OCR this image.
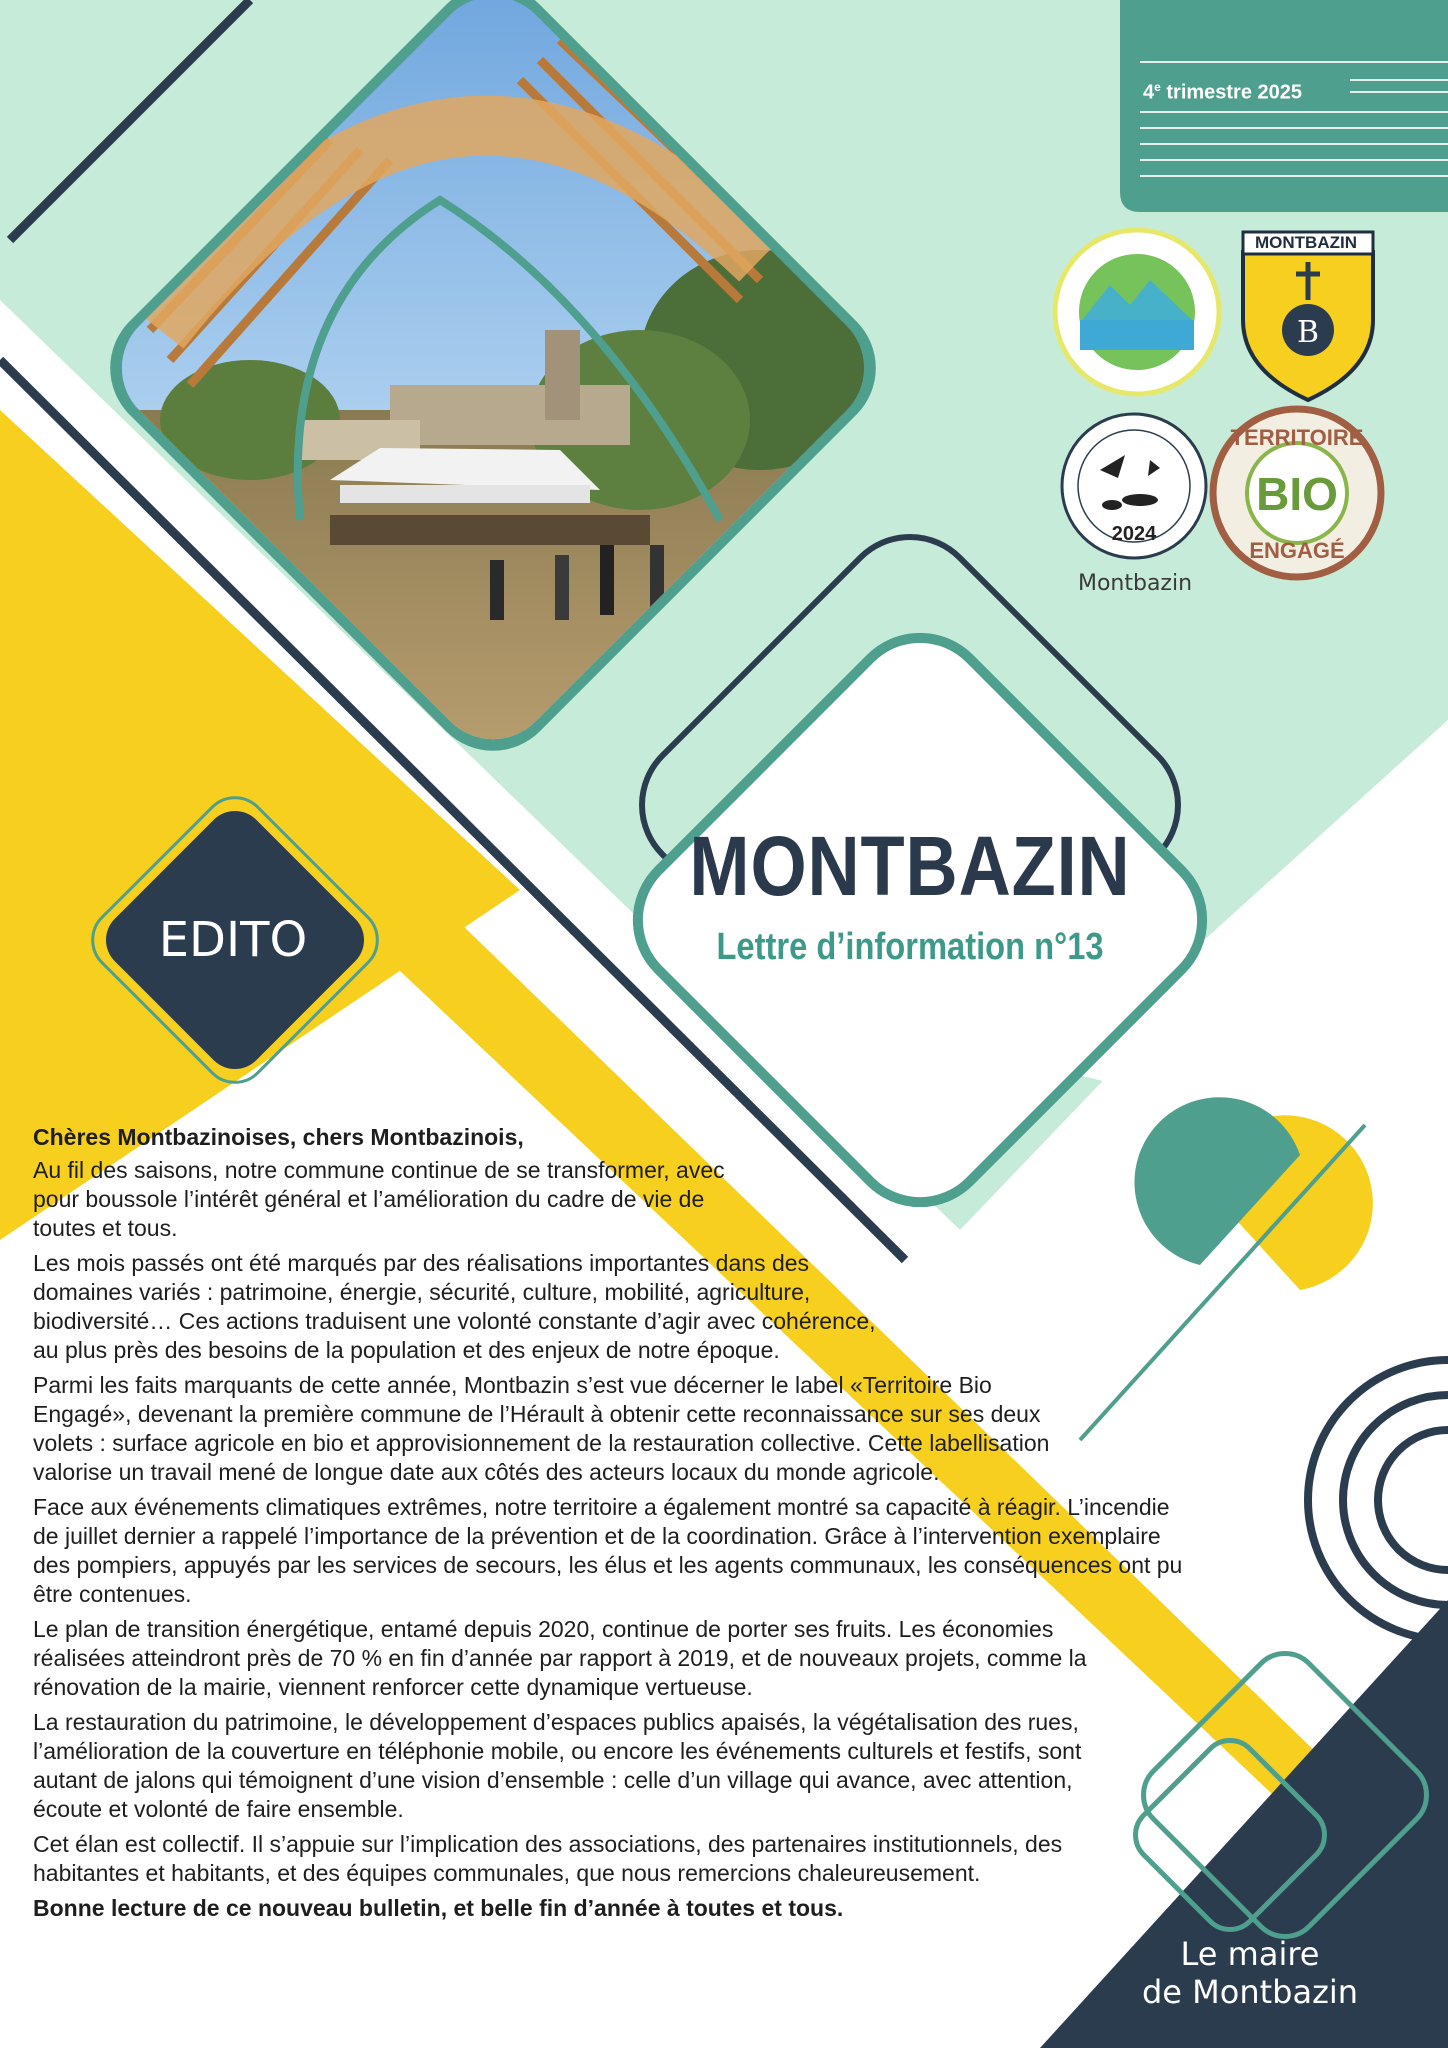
B
2024
BIO
TERRITOIRE
ENGAGÉ
4e trimestre 2025
MONTBAZIN
Montbazin
MONTBAZIN
Lettre d’information n°13
EDITO

Chères Montbazinoises, chers Montbazinois,

Au fil des saisons, notre commune continue de se transformer, avec pour boussole l’intérêt général et l’amélioration du cadre de vie de toutes et tous.

Les mois passés ont été marqués par des réalisations importantes dans des domaines variés : patrimoine, énergie, sécurité, culture, mobilité, agriculture, biodiversité… Ces actions traduisent une volonté constante d’agir avec cohérence, au plus près des besoins de la population et des enjeux de notre époque.

Parmi les faits marquants de cette année, Montbazin s’est vue décerner le label «Territoire Bio Engagé», devenant la première commune de l’Hérault à obtenir cette reconnaissance sur ses deux volets : surface agricole en bio et approvisionnement de la restauration collective. Cette labellisation valorise un travail mené de longue date aux côtés des acteurs locaux du monde agricole.

Face aux événements climatiques extrêmes, notre territoire a également montré sa capacité à réagir. L’incendie de juillet dernier a rappelé l’importance de la prévention et de la coordination. Grâce à l’intervention exemplaire des pompiers, appuyés par les services de secours, les élus et les agents communaux, les conséquences ont pu être contenues.

Le plan de transition énergétique, entamé depuis 2020, continue de porter ses fruits. Les économies réalisées atteindront près de 70 % en fin d’année par rapport à 2019, et de nouveaux projets, comme la rénovation de la mairie, viennent renforcer cette dynamique vertueuse.

La restauration du patrimoine, le développement d’espaces publics apaisés, la végétalisation des rues, l’amélioration de la couverture en téléphonie mobile, ou encore les événements culturels et festifs, sont autant de jalons qui témoignent d’une vision d’ensemble : celle d’un village qui avance, avec attention, écoute et volonté de faire ensemble.

Cet élan est collectif. Il s’appuie sur l’implication des associations, des partenaires institutionnels, des habitantes et habitants, et des équipes communales, que nous remercions chaleureusement.

Bonne lecture de ce nouveau bulletin, et belle fin d’année à toutes et tous.

Le maire
de Montbazin
